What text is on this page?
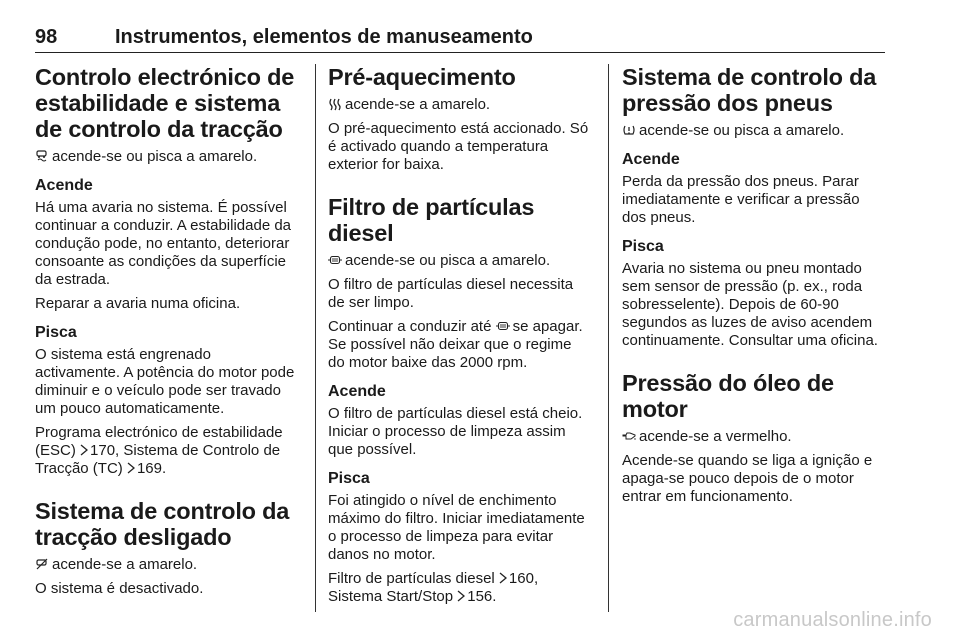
98	Instrumentos, elementos de manuseamento
Controlo electrónico de estabilidade e sistema de controlo da tracção

acende-se ou pisca a amarelo.

Acende

Há uma avaria no sistema. É possível continuar a conduzir. A estabilidade da condução pode, no entanto, deteriorar consoante as condições da superfície da estrada.

Reparar a avaria numa oficina.

Pisca

O sistema está engrenado activamente. A potência do motor pode diminuir e o veículo pode ser travado um pouco automaticamente.

Programa electrónico de estabilidade (ESC) 170, Sistema de Controlo de Tracção (TC) 169.

Sistema de controlo da tracção desligado

acende-se a amarelo.

O sistema é desactivado.

Pré-aquecimento

acende-se a amarelo.

O pré-aquecimento está accionado. Só é activado quando a temperatura exterior for baixa.

Filtro de partículas diesel

acende-se ou pisca a amarelo.

O filtro de partículas diesel necessita de ser limpo.

Continuar a conduzir até se apagar. Se possível não deixar que o regime do motor baixe das 2000 rpm.

Acende

O filtro de partículas diesel está cheio. Iniciar o processo de limpeza assim que possível.

Pisca

Foi atingido o nível de enchimento máximo do filtro. Iniciar imediatamente o processo de limpeza para evitar danos no motor.

Filtro de partículas diesel 160, Sistema Start/Stop 156.

Sistema de controlo da pressão dos pneus

acende-se ou pisca a amarelo.

Acende

Perda da pressão dos pneus. Parar imediatamente e verificar a pressão dos pneus.

Pisca

Avaria no sistema ou pneu montado sem sensor de pressão (p. ex., roda sobresselente). Depois de 60-90 segundos as luzes de aviso acendem continuamente. Consultar uma oficina.

Pressão do óleo de motor

acende-se a vermelho.

Acende-se quando se liga a ignição e apaga-se pouco depois de o motor entrar em funcionamento.

carmanualsonline.info
